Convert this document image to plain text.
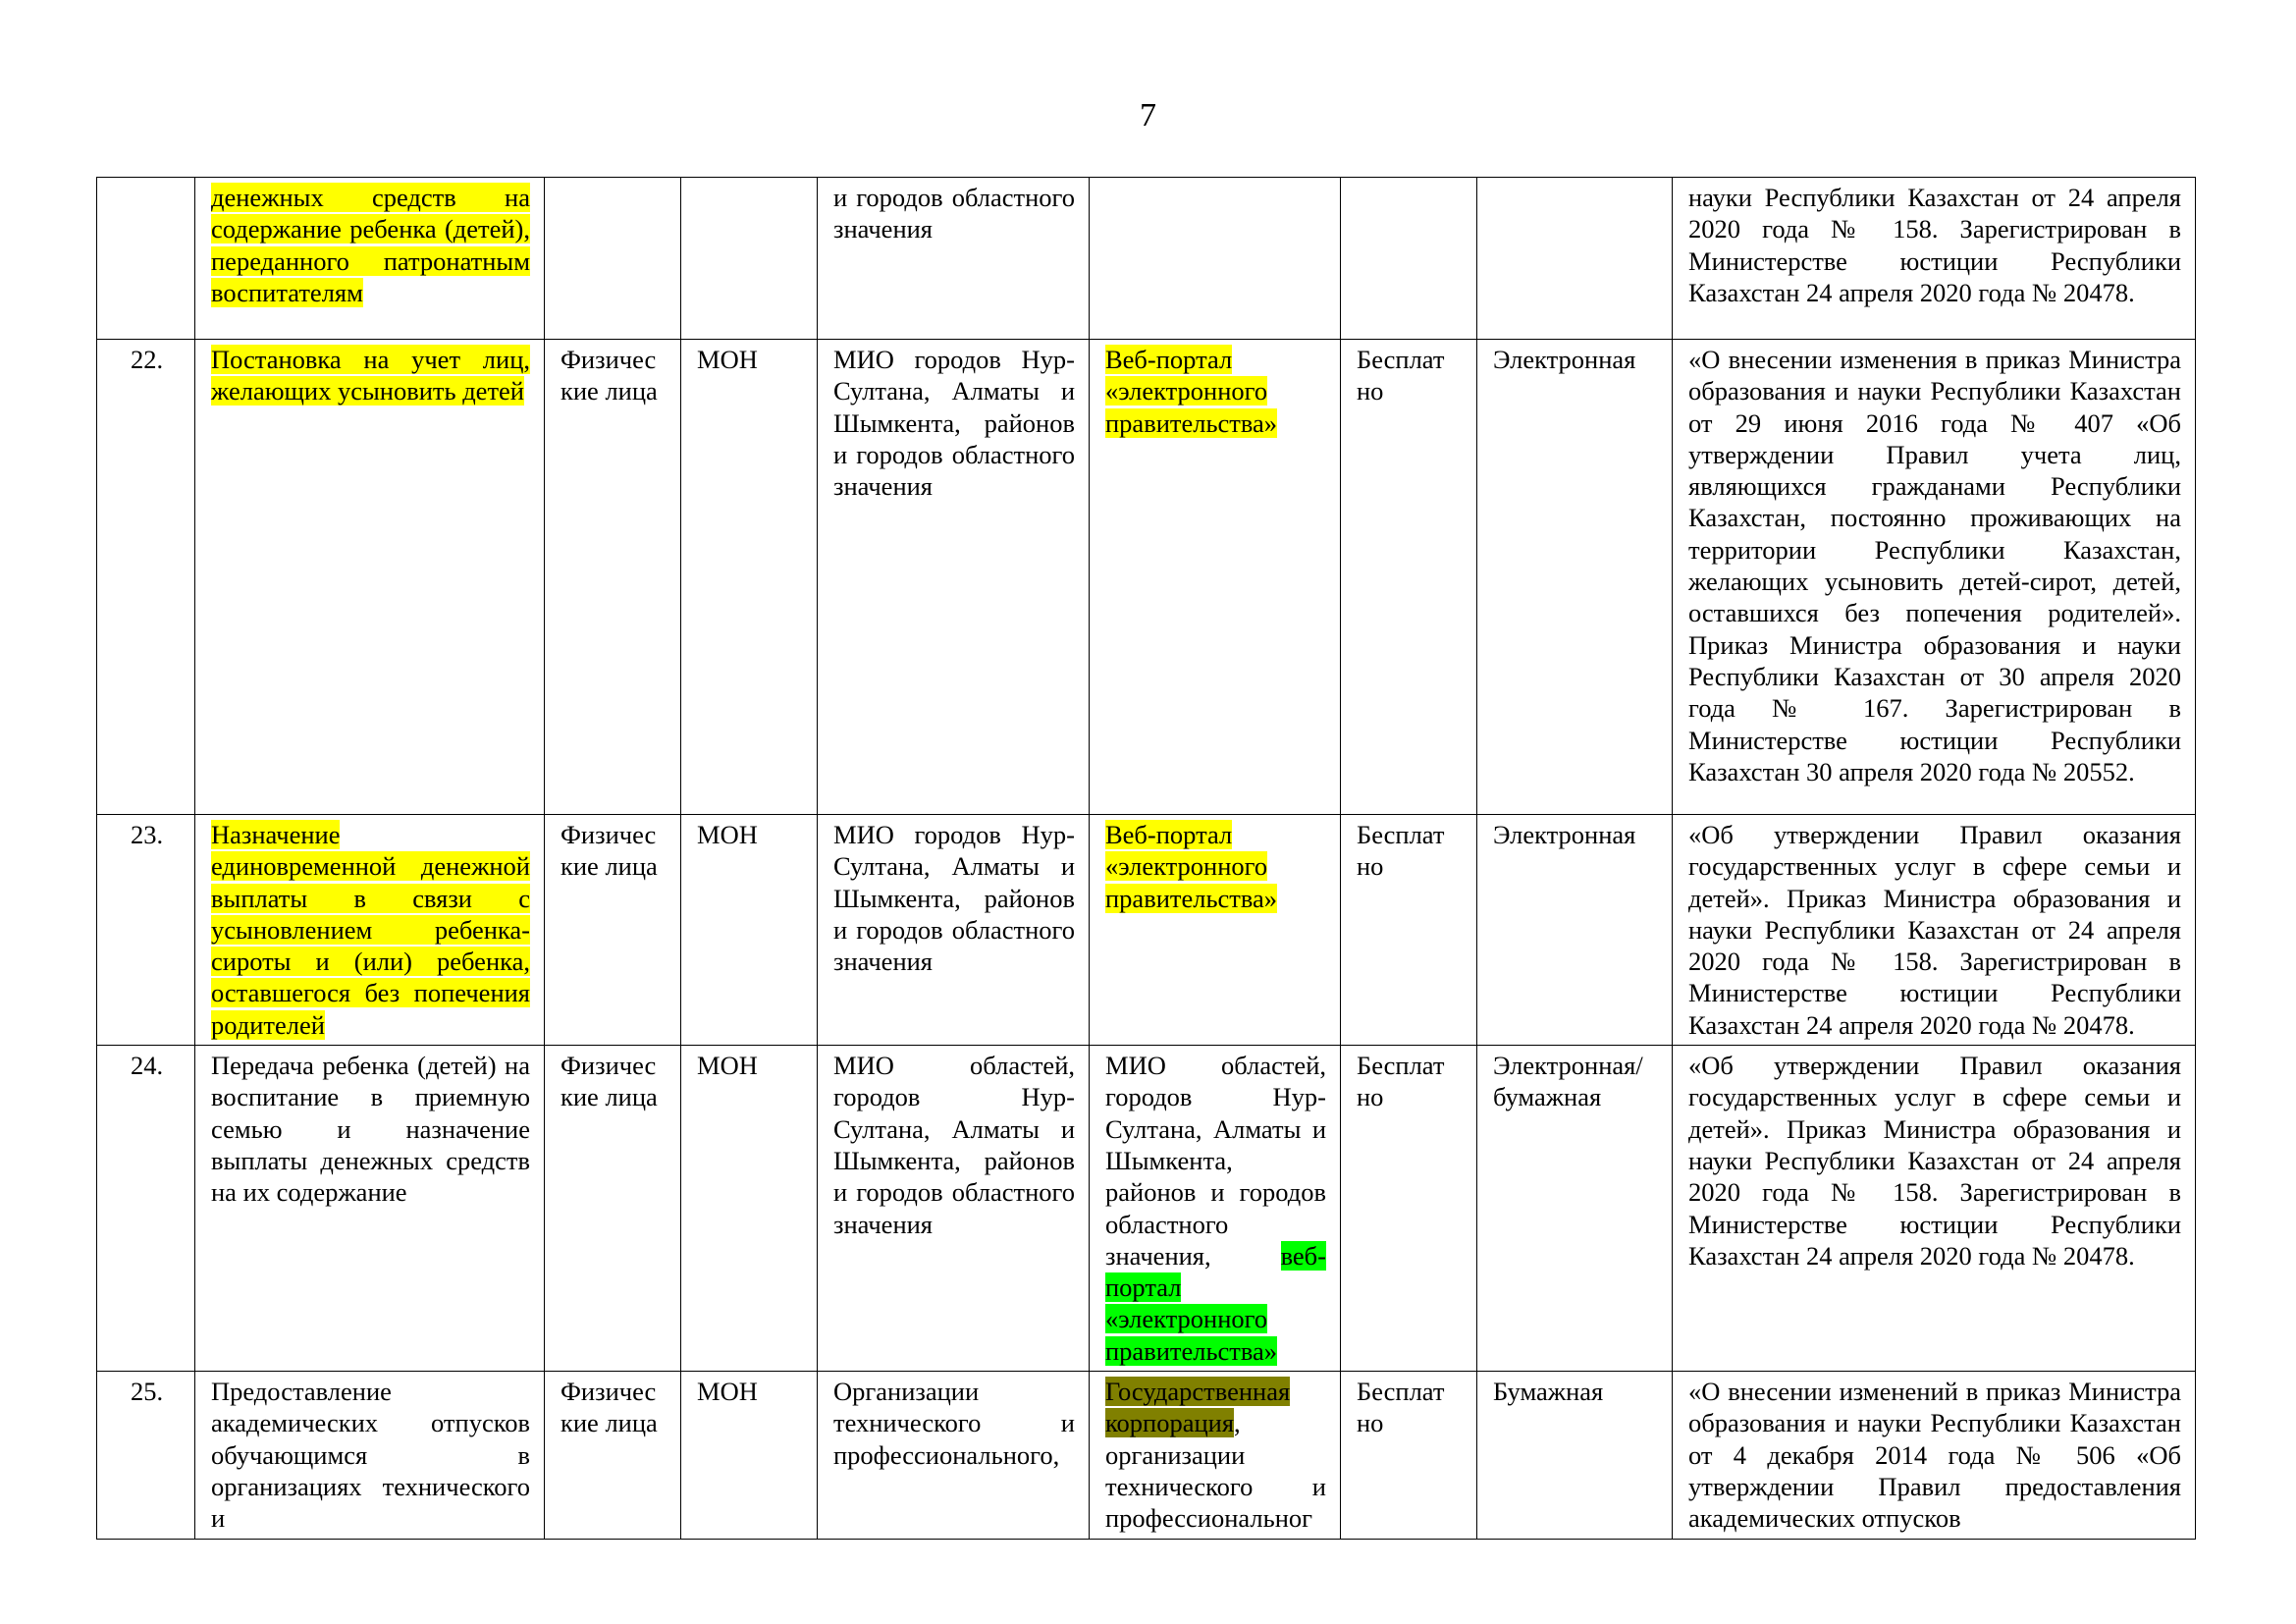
7
	денежных средств на содержание ребенка (детей), переданного патронатным воспитателям			и городов областного значения				науки Республики Казахстан от 24 апреля 2020 года № 158. Зарегистрирован в Министерстве юстиции Республики Казахстан 24 апреля 2020 года № 20478.
22.	Постановка на учет лиц, желающих усыновить детей	Физичес кие лица	МОН	МИО городов Нур-Султана, Алматы и Шымкента, районов и городов областного значения	Веб-портал «электронного правительства»	Бесплат но	Электронная	«О внесении изменения в приказ Министра образования и науки Республики Казахстан от 29 июня 2016 года № 407 «Об утверждении Правил учета лиц, являющихся гражданами Республики Казахстан, постоянно проживающих на территории Республики Казахстан, желающих усыновить детей-сирот, детей, оставшихся без попечения родителей». Приказ Министра образования и науки Республики Казахстан от 30 апреля 2020 года № 167. Зарегистрирован в Министерстве юстиции Республики Казахстан 30 апреля 2020 года № 20552.
23.	Назначение единовременной денежной выплаты в связи с усыновлением ребенка-сироты и (или) ребенка, оставшегося без попечения родителей	Физичес кие лица	МОН	МИО городов Нур-Султана, Алматы и Шымкента, районов и городов областного значения	Веб-портал «электронного правительства»	Бесплат но	Электронная	«Об утверждении Правил оказания государственных услуг в сфере семьи и детей». Приказ Министра образования и науки Республики Казахстан от 24 апреля 2020 года № 158. Зарегистрирован в Министерстве юстиции Республики Казахстан 24 апреля 2020 года № 20478.
24.	Передача ребенка (детей) на воспитание в приемную семью и назначение выплаты денежных средств на их содержание	Физичес кие лица	МОН	МИО областей, городов Нур-Султана, Алматы и Шымкента, районов и городов областного значения	МИО областей, городов Нур-Султана, Алматы и Шымкента, районов и городов областного значения, веб-портал «электронного правительства»	Бесплат но	Электронная/ бумажная	«Об утверждении Правил оказания государственных услуг в сфере семьи и детей». Приказ Министра образования и науки Республики Казахстан от 24 апреля 2020 года № 158. Зарегистрирован в Министерстве юстиции Республики Казахстан 24 апреля 2020 года № 20478.
25.	Предоставление академических отпусков обучающимся в организациях технического и	Физичес кие лица	МОН	Организации технического и профессионального,	Государственная корпорация, организации технического и профессиональног	Бесплат но	Бумажная	«О внесении изменений в приказ Министра образования и науки Республики Казахстан от 4 декабря 2014 года № 506 «Об утверждении Правил предоставления академических отпусков
